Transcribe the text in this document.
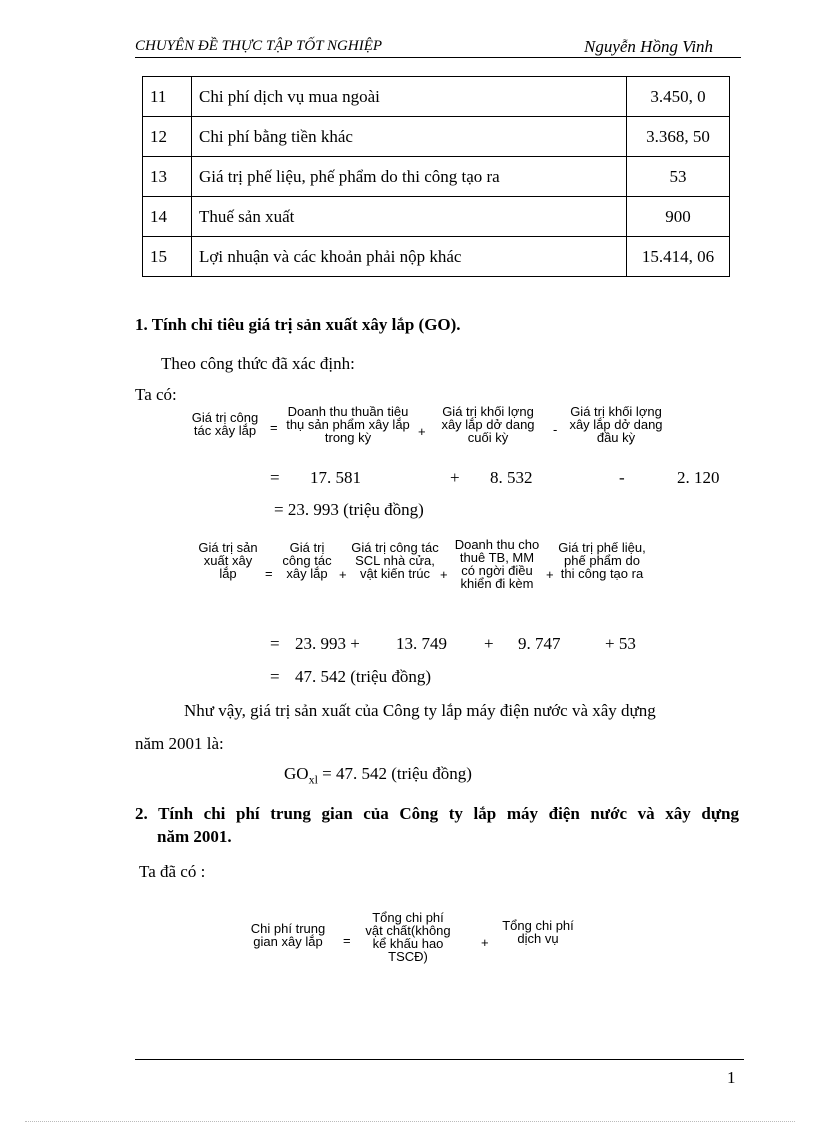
CHUYÊN ĐỀ THỰC TẬP TỐT NGHIỆP	Nguyễn Hồng Vinh
11	Chi phí dịch vụ mua ngoài	3.450, 0
12	Chi phí bằng tiền khác	3.368, 50
13	Giá trị phế liệu, phế phẩm do thi công tạo ra	53
14	Thuế sản xuất	900
15	Lợi nhuận và các khoản phải nộp khác	15.414, 06
1. Tính chỉ tiêu giá trị sản xuất xây lắp (GO).
Theo công thức đã xác định:
Ta có:
Giá trị công tác xây lắp	=
Doanh thu thuần tiêu thụ sản phẩm xây lắp trong kỳ	+
Giá trị khối lợng xây lắp dở dang cuối kỳ
-
Giá trị khối lợng xây lắp dở dang đầu kỳ
= 17. 581	+ 8. 532	-	2. 120
= 23. 993 (triệu đồng)
Giá trị sản xuất xây lắp	=
Giá trị công tác xây lắp +
Giá trị công tác SCL nhà cửa, vật kiến trúc +
Doanh thu cho thuê TB, MM có ngời điều khiển đi kèm
+
Giá trị phế liệu, phế phẩm do thi công tạo ra
= 23. 993 + 13. 749 + 9. 747	+ 53
= 47. 542 (triệu đồng)
Như vậy, giá trị sản xuất của Công ty lắp máy điện nước và xây dựng
năm 2001 là:
$GO_{xl} = 47$. 542 (triệu đồng)
2. Tính chi phí trung gian của Công ty lắp máy điện nước và xây dựng
năm 2001.
Ta đã có :
Chi phí trung gian xây lắp =
Tổng chi phí vật chất(không kể khấu hao TSCĐ)
+
Tổng chi phí dịch vụ
1
